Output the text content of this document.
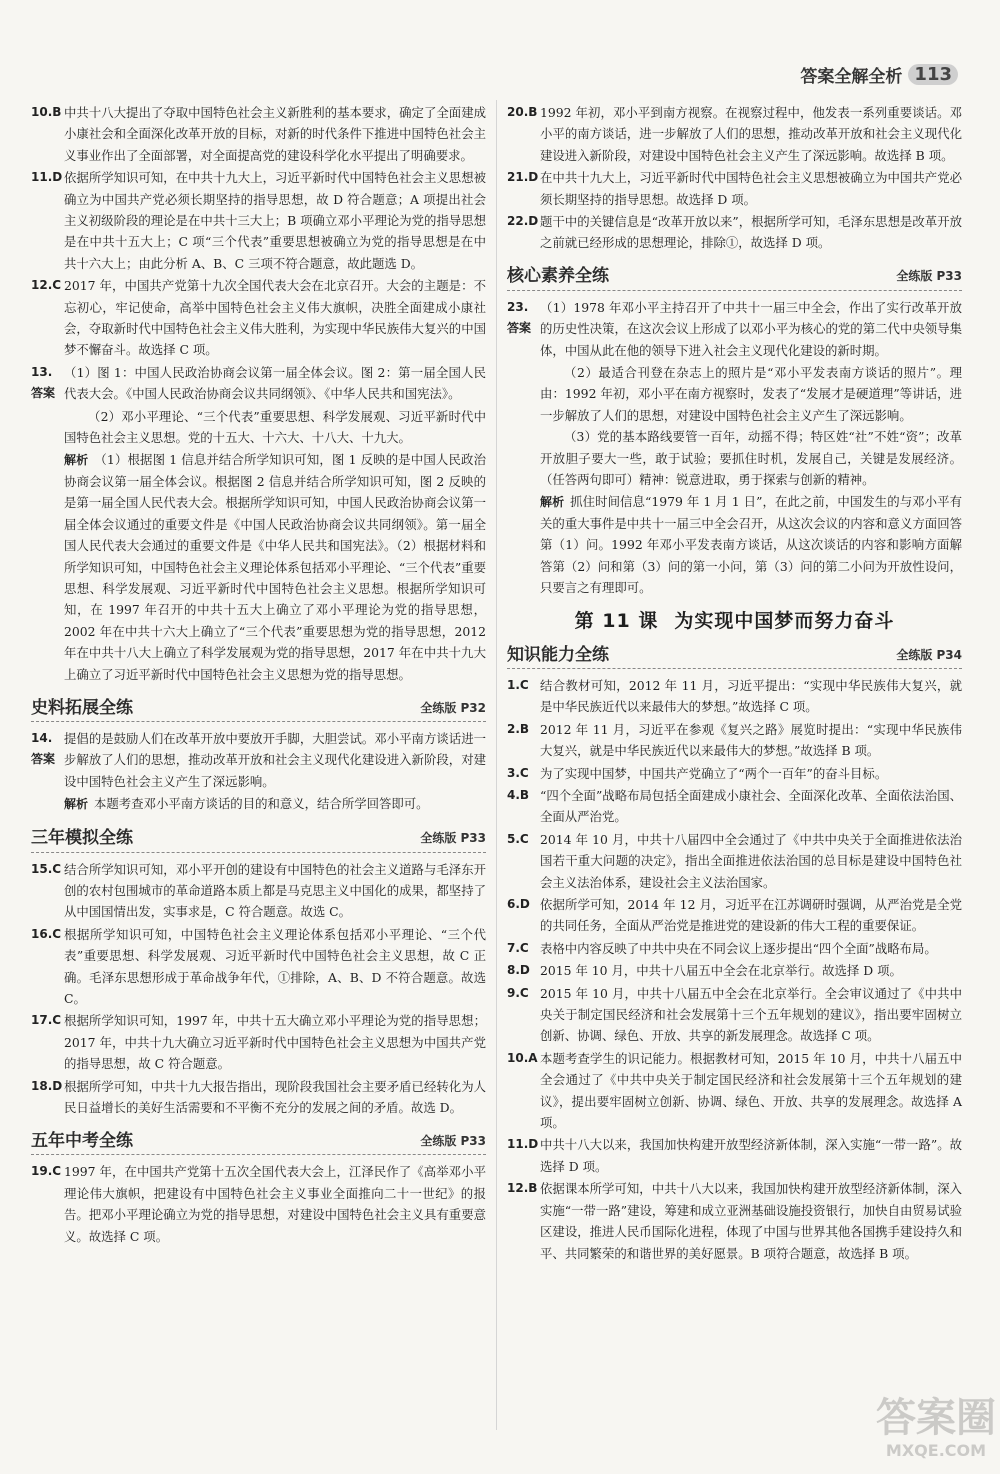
答案全解全析 113
10.B 中共十八大提出了夺取中国特色社会主义新胜利的基本要求，确定了全面建成小康社会和全面深化改革开放的目标，对新的时代条件下推进中国特色社会主义事业作出了全面部署，对全面提高党的建设科学化水平提出了明确要求。
11.D 依据所学知识可知，在中共十九大上，习近平新时代中国特色社会主义思想被确立为中国共产党必须长期坚持的指导思想，故 D 符合题意；A 项提出社会主义初级阶段的理论是在中共十三大上；B 项确立邓小平理论为党的指导思想是在中共十五大上；C 项“三个代表”重要思想被确立为党的指导思想是在中共十六大上；由此分析 A、B、C 三项不符合题意，故此题选 D。
12.C 2017 年，中国共产党第十九次全国代表大会在北京召开。大会的主题是：不忘初心，牢记使命，高举中国特色社会主义伟大旗帜，决胜全面建成小康社会，夺取新时代中国特色社会主义伟大胜利，为实现中华民族伟大复兴的中国梦不懈奋斗。故选择 C 项。
13.答案
（1）图 1：中国人民政治协商会议第一届全体会议。图 2：第一届全国人民代表大会。《中国人民政治协商会议共同纲领》、《中华人民共和国宪法》。
（2）邓小平理论、“三个代表”重要思想、科学发展观、习近平新时代中国特色社会主义思想。党的十五大、十六大、十八大、十九大。
解析 （1）根据图 1 信息并结合所学知识可知，图 1 反映的是中国人民政治协商会议第一届全体会议。根据图 2 信息并结合所学知识可知，图 2 反映的是第一届全国人民代表大会。根据所学知识可知，中国人民政治协商会议第一届全体会议通过的重要文件是《中国人民政治协商会议共同纲领》。第一届全国人民代表大会通过的重要文件是《中华人民共和国宪法》。（2）根据材料和所学知识可知，中国特色社会主义理论体系包括邓小平理论、“三个代表”重要思想、科学发展观、习近平新时代中国特色社会主义思想。根据所学知识可知，在 1997 年召开的中共十五大上确立了邓小平理论为党的指导思想，2002 年在中共十六大上确立了“三个代表”重要思想为党的指导思想，2012 年在中共十八大上确立了科学发展观为党的指导思想，2017 年在中共十九大上确立了习近平新时代中国特色社会主义思想为党的指导思想。
史料拓展全练	全练版 P32
14.答案
提倡的是鼓励人们在改革开放中要放开手脚，大胆尝试。邓小平南方谈话进一步解放了人们的思想，推动改革开放和社会主义现代化建设进入新阶段，对建设中国特色社会主义产生了深远影响。
解析 本题考查邓小平南方谈话的目的和意义，结合所学回答即可。
三年模拟全练	全练版 P33
15.C 结合所学知识可知，邓小平开创的建设有中国特色的社会主义道路与毛泽东开创的农村包围城市的革命道路本质上都是马克思主义中国化的成果，都坚持了从中国国情出发，实事求是，C 符合题意。故选 C。
16.C 根据所学知识可知，中国特色社会主义理论体系包括邓小平理论、“三个代表”重要思想、科学发展观、习近平新时代中国特色社会主义思想，故 C 正确。毛泽东思想形成于革命战争年代，①排除，A、B、D 不符合题意。故选 C。
17.C 根据所学知识可知，1997 年，中共十五大确立邓小平理论为党的指导思想；2017 年，中共十九大确立习近平新时代中国特色社会主义思想为中国共产党的指导思想，故 C 符合题意。
18.D 根据所学可知，中共十九大报告指出，现阶段我国社会主要矛盾已经转化为人民日益增长的美好生活需要和不平衡不充分的发展之间的矛盾。故选 D。
五年中考全练	全练版 P33
19.C 1997 年，在中国共产党第十五次全国代表大会上，江泽民作了《高举邓小平理论伟大旗帜，把建设有中国特色社会主义事业全面推向二十一世纪》的报告。把邓小平理论确立为党的指导思想，对建设中国特色社会主义具有重要意义。故选择 C 项。
20.B 1992 年初，邓小平到南方视察。在视察过程中，他发表一系列重要谈话。邓小平的南方谈话，进一步解放了人们的思想，推动改革开放和社会主义现代化建设进入新阶段，对建设中国特色社会主义产生了深远影响。故选择 B 项。
21.D 在中共十九大上，习近平新时代中国特色社会主义思想被确立为中国共产党必须长期坚持的指导思想。故选择 D 项。
22.D 题干中的关键信息是“改革开放以来”，根据所学可知，毛泽东思想是改革开放之前就已经形成的思想理论，排除①，故选择 D 项。
核心素养全练	全练版 P33
23.答案
（1）1978 年邓小平主持召开了中共十一届三中全会，作出了实行改革开放的历史性决策，在这次会议上形成了以邓小平为核心的党的第二代中央领导集体，中国从此在他的领导下进入社会主义现代化建设的新时期。
（2）最适合刊登在杂志上的照片是“邓小平发表南方谈话的照片”。理由：1992 年初，邓小平在南方视察时，发表了“发展才是硬道理”等讲话，进一步解放了人们的思想，对建设中国特色社会主义产生了深远影响。
（3）党的基本路线要管一百年，动摇不得；特区姓“社”不姓“资”；改革开放胆子要大一些，敢于试验；要抓住时机，发展自己，关键是发展经济。（任答两句即可）精神：锐意进取，勇于探索与创新的精神。
解析 抓住时间信息“1979 年 1 月 1 日”，在此之前，中国发生的与邓小平有关的重大事件是中共十一届三中全会召开，从这次会议的内容和意义方面回答第（1）问。1992 年邓小平发表南方谈话，从这次谈话的内容和影响方面解答第（2）问和第（3）问的第一小问，第（3）问的第二小问为开放性设问，只要言之有理即可。
第 11 课 为实现中国梦而努力奋斗
知识能力全练	全练版 P34
1.C 结合教材可知，2012 年 11 月，习近平提出：“实现中华民族伟大复兴，就是中华民族近代以来最伟大的梦想。”故选择 C 项。
2.B 2012 年 11 月，习近平在参观《复兴之路》展览时提出：“实现中华民族伟大复兴，就是中华民族近代以来最伟大的梦想。”故选择 B 项。
3.C 为了实现中国梦，中国共产党确立了“两个一百年”的奋斗目标。
4.B “四个全面”战略布局包括全面建成小康社会、全面深化改革、全面依法治国、全面从严治党。
5.C 2014 年 10 月，中共十八届四中全会通过了《中共中央关于全面推进依法治国若干重大问题的决定》，指出全面推进依法治国的总目标是建设中国特色社会主义法治体系，建设社会主义法治国家。
6.D 依据所学可知，2014 年 12 月，习近平在江苏调研时强调，从严治党是全党的共同任务，全面从严治党是推进党的建设新的伟大工程的重要保证。
7.C 表格中内容反映了中共中央在不同会议上逐步提出“四个全面”战略布局。
8.D 2015 年 10 月，中共十八届五中全会在北京举行。故选择 D 项。
9.C 2015 年 10 月，中共十八届五中全会在北京举行。全会审议通过了《中共中央关于制定国民经济和社会发展第十三个五年规划的建议》，指出要牢固树立创新、协调、绿色、开放、共享的新发展理念。故选择 C 项。
10.A 本题考查学生的识记能力。根据教材可知，2015 年 10 月，中共十八届五中全会通过了《中共中央关于制定国民经济和社会发展第十三个五年规划的建议》，提出要牢固树立创新、协调、绿色、开放、共享的发展理念。故选择 A 项。
11.D 中共十八大以来，我国加快构建开放型经济新体制，深入实施“一带一路”。故选择 D 项。
12.B 依据课本所学可知，中共十八大以来，我国加快构建开放型经济新体制，深入实施“一带一路”建设，筹建和成立亚洲基础设施投资银行，加快自由贸易试验区建设，推进人民币国际化进程，体现了中国与世界其他各国携手建设持久和平、共同繁荣的和谐世界的美好愿景。B 项符合题意，故选择 B 项。
答案圈
MXQE.COM
